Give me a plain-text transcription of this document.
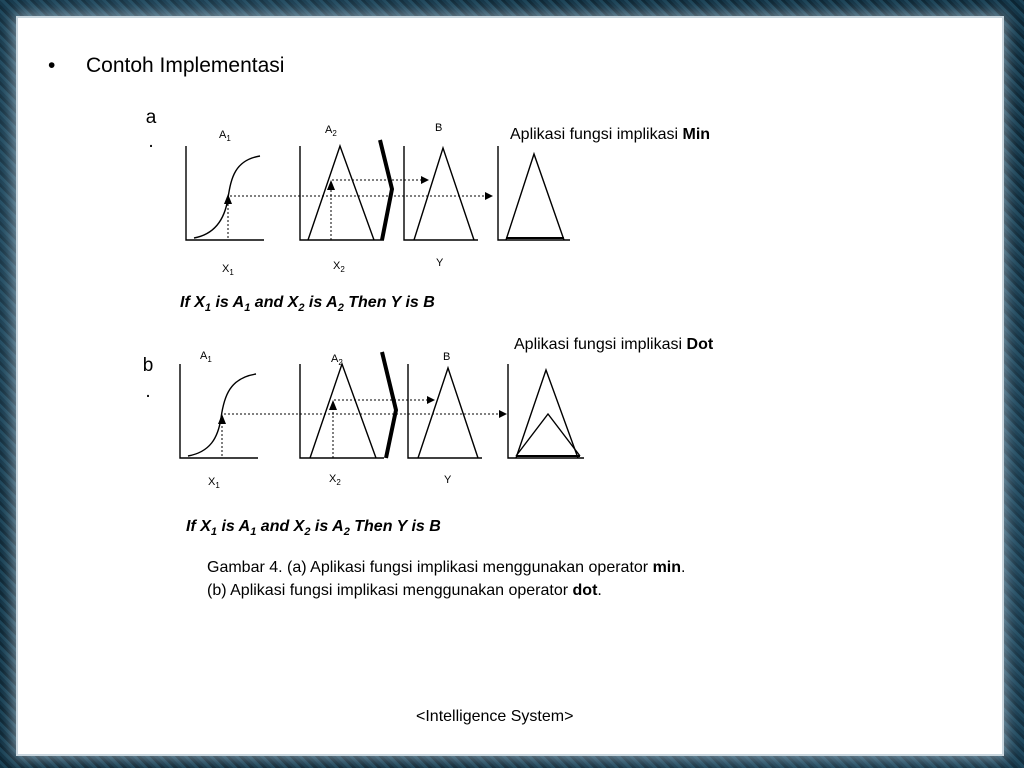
• Contoh Implementasi
a
.	$A_1$
$A_2$	B
$X_1$
$X_2$
Y
Aplikasi fungsi implikasi Min
If $X_1$ is $A_1$ and $X_2$ is $A_2$ Then Y is B
b
.
$A_1$	$A_2$	B
$X_1$
$X_2$	Y
Aplikasi fungsi implikasi Dot
If $X_1$ is $A_1$ and $X_2$ is $A_2$ Then Y is B
Gambar 4. (a) Aplikasi fungsi implikasi menggunakan operator min. (b) Aplikasi fungsi implikasi menggunakan operator dot.
<Intelligence System>
